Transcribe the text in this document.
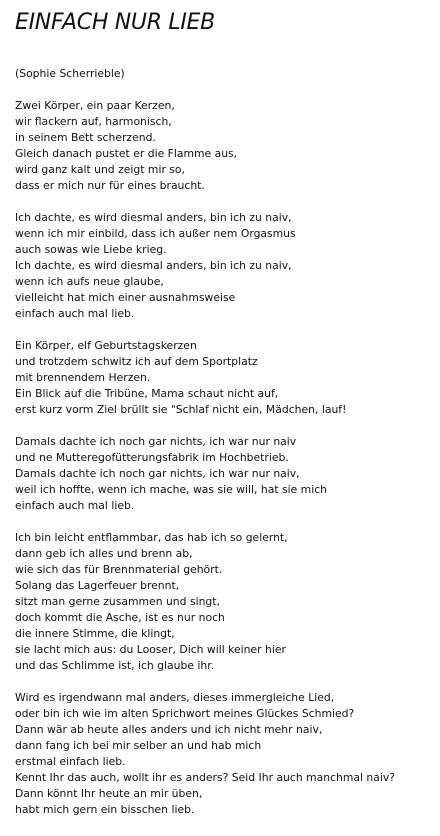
EINFACH NUR LIEB

(Sophie Scherrieble)

Zwei Körper, ein paar Kerzen,
wir flackern auf, harmonisch,
in seinem Bett scherzend.
Gleich danach pustet er die Flamme aus,
wird ganz kalt und zeigt mir so,
dass er mich nur für eines braucht.
Ich dachte, es wird diesmal anders, bin ich zu naiv,
wenn ich mir einbild, dass ich außer nem Orgasmus
auch sowas wie Liebe krieg.
Ich dachte, es wird diesmal anders, bin ich zu naiv,
wenn ich aufs neue glaube,
vielleicht hat mich einer ausnahmsweise
einfach auch mal lieb.
Ein Körper, elf Geburtstagskerzen
und trotzdem schwitz ich auf dem Sportplatz
mit brennendem Herzen.
Ein Blick auf die Tribüne, Mama schaut nicht auf,
erst kurz vorm Ziel brüllt sie "Schlaf nicht ein, Mädchen, lauf!
Damals dachte ich noch gar nichts, ich war nur naiv
und ne Mutteregofütterungsfabrik im Hochbetrieb.
Damals dachte ich noch gar nichts, ich war nur naiv,
weil ich hoffte, wenn ich mache, was sie will, hat sie mich
einfach auch mal lieb.
Ich bin leicht entflammbar, das hab ich so gelernt,
dann geb ich alles und brenn ab,
wie sich das für Brennmaterial gehört.
Solang das Lagerfeuer brennt,
sitzt man gerne zusammen und singt,
doch kommt die Asche, ist es nur noch
die innere Stimme, die klingt,
sie lacht mich aus: du Looser, Dich will keiner hier
und das Schlimme ist, ich glaube ihr.
Wird es irgendwann mal anders, dieses immergleiche Lied,
oder bin ich wie im alten Sprichwort meines Glückes Schmied?
Dann wär ab heute alles anders und ich nicht mehr naiv,
dann fang ich bei mir selber an und hab mich
erstmal einfach lieb.
Kennt Ihr das auch, wollt ihr es anders? Seid Ihr auch manchmal naiv?
Dann könnt Ihr heute an mir üben,
habt mich gern ein bisschen lieb.
